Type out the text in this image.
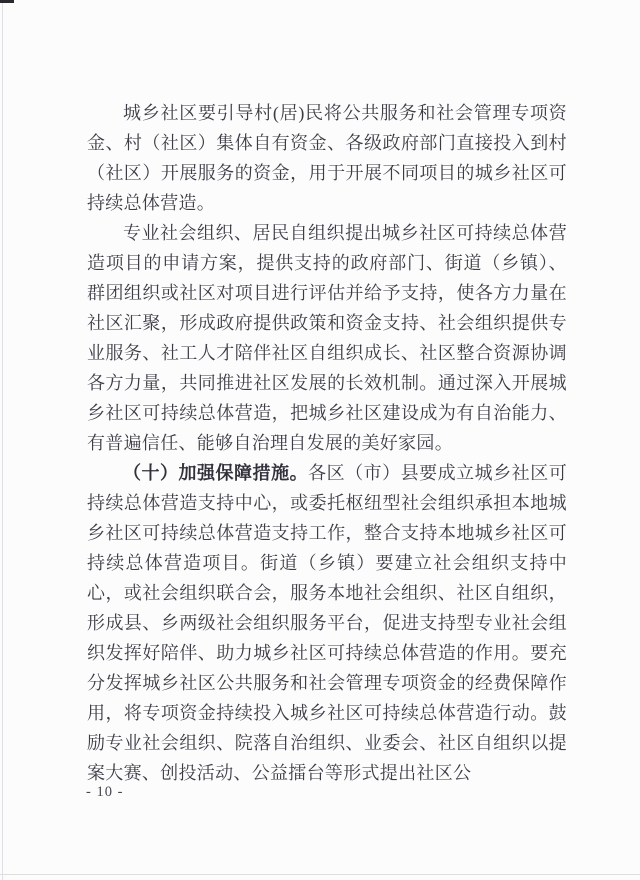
城乡社区要引导村(居)民将公共服务和社会管理专项资金、村（社区）集体自有资金、各级政府部门直接投入到村（社区）开展服务的资金，用于开展不同项目的城乡社区可持续总体营造。

专业社会组织、居民自组织提出城乡社区可持续总体营造项目的申请方案，提供支持的政府部门、街道（乡镇）、群团组织或社区对项目进行评估并给予支持，使各方力量在社区汇聚，形成政府提供政策和资金支持、社会组织提供专业服务、社工人才陪伴社区自组织成长、社区整合资源协调各方力量，共同推进社区发展的长效机制。通过深入开展城乡社区可持续总体营造，把城乡社区建设成为有自治能力、有普遍信任、能够自治理自发展的美好家园。

（十）加强保障措施。各区（市）县要成立城乡社区可持续总体营造支持中心，或委托枢纽型社会组织承担本地城乡社区可持续总体营造支持工作，整合支持本地城乡社区可持续总体营造项目。街道（乡镇）要建立社会组织支持中心，或社会组织联合会，服务本地社会组织、社区自组织，形成县、乡两级社会组织服务平台，促进支持型专业社会组织发挥好陪伴、助力城乡社区可持续总体营造的作用。要充分发挥城乡社区公共服务和社会管理专项资金的经费保障作用，将专项资金持续投入城乡社区可持续总体营造行动。鼓励专业社会组织、院落自治组织、业委会、社区自组织以提案大赛、创投活动、公益擂台等形式提出社区公

- 10 -
